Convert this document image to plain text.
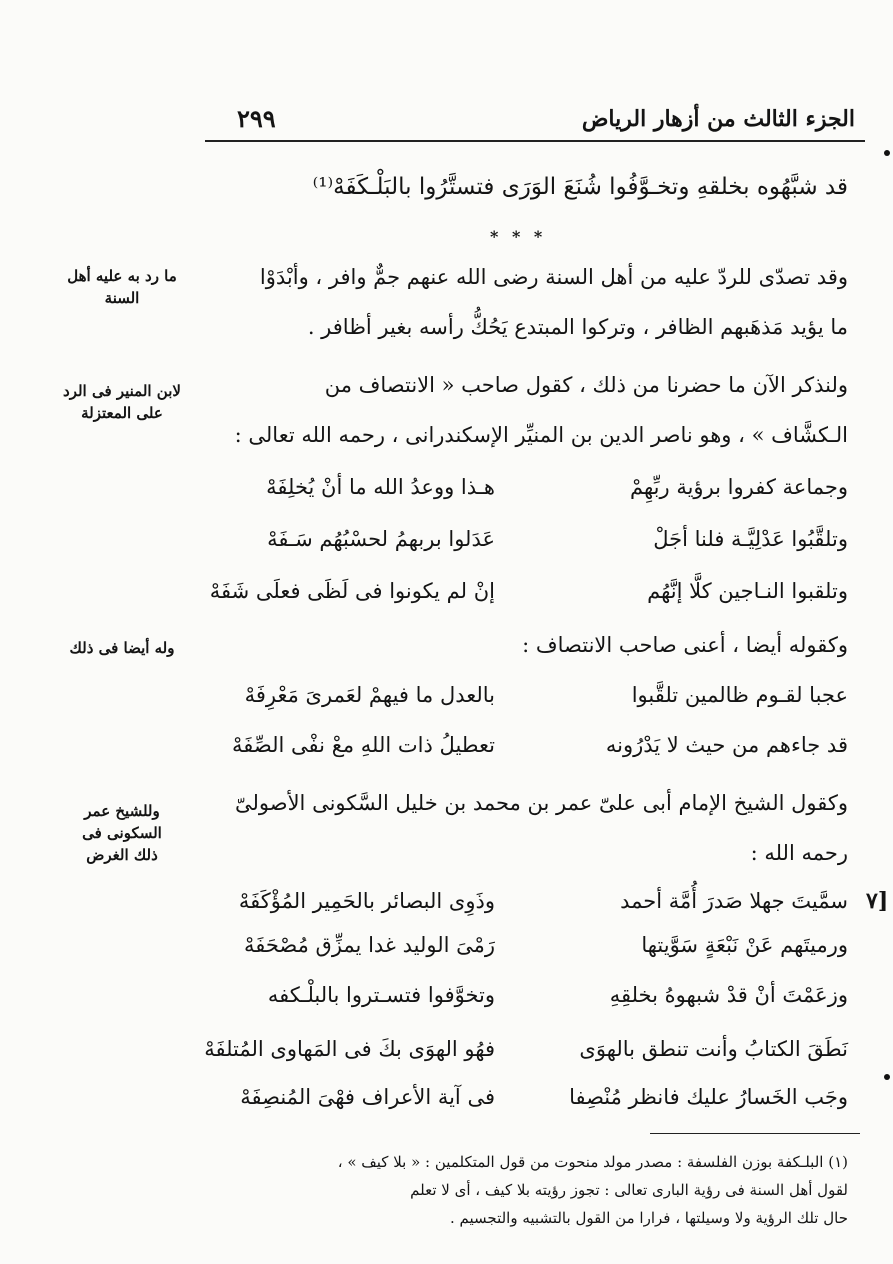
الجزء الثالث من أزهار الرياض
٢٩٩
قد شبَّهُوه بخلقهِ وتخـوَّفُوا شُنَعَ الوَرَى فتستَّرُوا بالبَلْـكَفَهْ⁽¹⁾
* * *
وقد تصدّى للردّ عليه من أهل السنة رضى الله عنهم جمٌّ وافر ، وأبْدَوْا
ما يؤيد مَذهَبهم الظافر ، وتركوا المبتدع يَحُكُّ رأسه بغير أظافر .
ولنذكر الآن ما حضرنا من ذلك ، كقول صاحب « الانتصاف من
الـكشَّاف » ، وهو ناصر الدين بن المنيِّر الإسكندرانى ، رحمه الله تعالى :
وجماعة كفروا برؤية ربِّهِمْ
هـذا ووعدُ الله ما أنْ يُخلِفَهْ
وتلقَّبُوا عَدْلِيَّـة فلنا أجَلْ
عَدَلوا بربهمُ لحسْبُهُم سَـفَهْ
وتلقبوا النـاجين كلَّا إنَّهُم
إنْ لم يكونوا فى لَظَى فعلَى شَفَهْ
وكقوله أيضا ، أعنى صاحب الانتصاف :
عجبا لقـوم ظالمين تلقَّبوا
بالعدل ما فيهمْ لعَمرىَ مَعْرِفَهْ
قد جاءهم من حيث لا يَدْرُونه
تعطيلُ ذات اللهِ معْ نفْى الصِّفَهْ
وكقول الشيخ الإمام أبى علىّ عمر بن محمد بن خليل السَّكونى الأصولىّ
رحمه الله :
سمَّيتَ جهلا صَدرَ أُمَّة أحمد
وذَوِى البصائر بالحَمِير المُؤْكَفَهْ
ورميتَهم عَنْ نَبْعَةٍ سَوَّيتها
رَمْىَ الوليد غدا يمزِّق مُصْحَفَهْ
وزعَمْتَ أنْ قدْ شبهوهُ بخلقِهِ
وتخوَّفوا فتسـتروا بالبلْـكفه
نَطَقَ الكتابُ وأنت تنطق بالهوَى
فهُو الهوَى بكَ فى المَهاوى المُتلفَهْ
وجَب الخَسارُ عليك فانظر مُنْصِفا
فى آية الأعراف فهْىَ المُنصِفَهْ
ما رد به عليه أهل السنة
لابن المنير فى الرد على المعتزلة
وله أيضا فى ذلك
وللشيخ عمر السكونى فى ذلك الغرض
[٧
(١) البلـكفة بوزن الفلسفة : مصدر مولد منحوت من قول المتكلمين : « بلا كيف » ،
لقول أهل السنة فى رؤية البارى تعالى : تجوز رؤيته بلا كيف ، أى لا تعلم
حال تلك الرؤية ولا وسيلتها ، فرارا من القول بالتشبيه والتجسيم .
